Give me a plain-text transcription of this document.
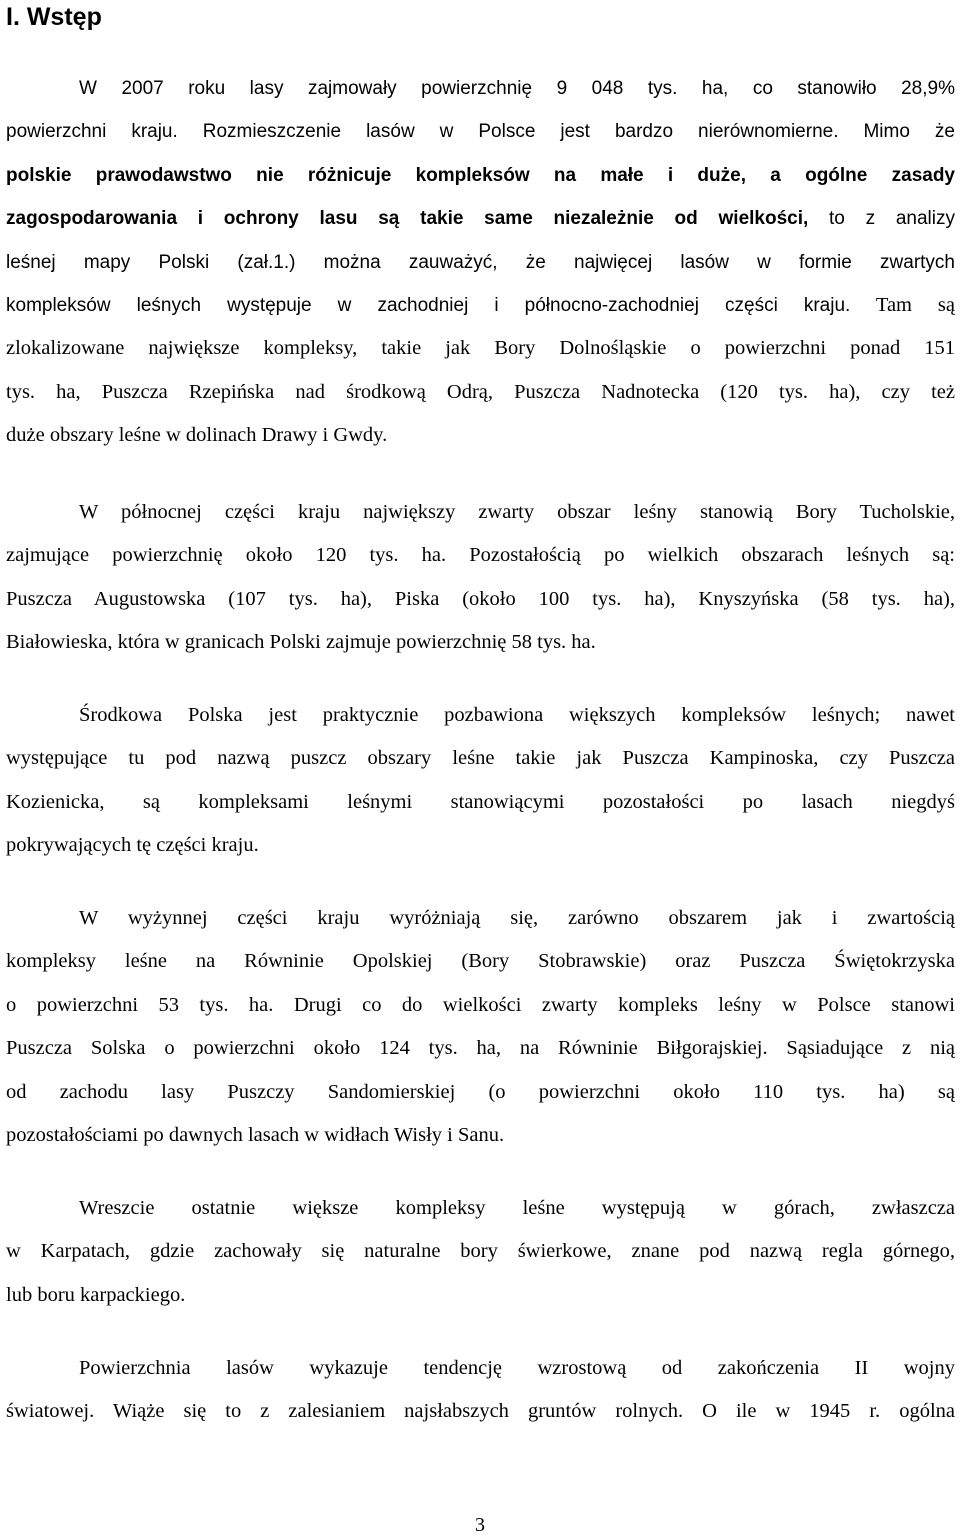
I. Wstęp
W 2007 roku lasy zajmowały powierzchnię 9 048 tys. ha, co stanowiło 28,9%
powierzchni kraju. Rozmieszczenie lasów w Polsce jest bardzo nierównomierne. Mimo że
polskie prawodawstwo nie różnicuje kompleksów na małe i duże, a ogólne zasady
zagospodarowania i ochrony lasu są takie same niezależnie od wielkości, to z analizy
leśnej mapy Polski (zał.1.) można zauważyć, że najwięcej lasów w formie zwartych
kompleksów leśnych występuje w zachodniej i północno-zachodniej części kraju. Tam są
zlokalizowane największe kompleksy, takie jak Bory Dolnośląskie o powierzchni ponad 151
tys. ha, Puszcza Rzepińska nad środkową Odrą, Puszcza Nadnotecka (120 tys. ha), czy też
duże obszary leśne w dolinach Drawy i Gwdy.
W północnej części kraju największy zwarty obszar leśny stanowią Bory Tucholskie,
zajmujące powierzchnię około 120 tys. ha. Pozostałością po wielkich obszarach leśnych są:
Puszcza Augustowska (107 tys. ha), Piska (około 100 tys. ha), Knyszyńska (58 tys. ha),
Białowieska, która w granicach Polski zajmuje powierzchnię 58 tys. ha.
Środkowa Polska jest praktycznie pozbawiona większych kompleksów leśnych; nawet
występujące tu pod nazwą puszcz obszary leśne takie jak Puszcza Kampinoska, czy Puszcza
Kozienicka, są kompleksami leśnymi stanowiącymi pozostałości po lasach niegdyś
pokrywających tę części kraju.
W wyżynnej części kraju wyróżniają się, zarówno obszarem jak i zwartością
kompleksy leśne na Równinie Opolskiej (Bory Stobrawskie) oraz Puszcza Świętokrzyska
o powierzchni 53 tys. ha. Drugi co do wielkości zwarty kompleks leśny w Polsce stanowi
Puszcza Solska o powierzchni około 124 tys. ha, na Równinie Biłgorajskiej. Sąsiadujące z nią
od zachodu lasy Puszczy Sandomierskiej (o powierzchni około 110 tys. ha) są
pozostałościami po dawnych lasach w widłach Wisły i Sanu.
Wreszcie ostatnie większe kompleksy leśne występują w górach, zwłaszcza
w Karpatach, gdzie zachowały się naturalne bory świerkowe, znane pod nazwą regla górnego,
lub boru karpackiego.
Powierzchnia lasów wykazuje tendencję wzrostową od zakończenia II wojny
światowej. Wiąże się to z zalesianiem najsłabszych gruntów rolnych. O ile w 1945 r. ogólna
3
